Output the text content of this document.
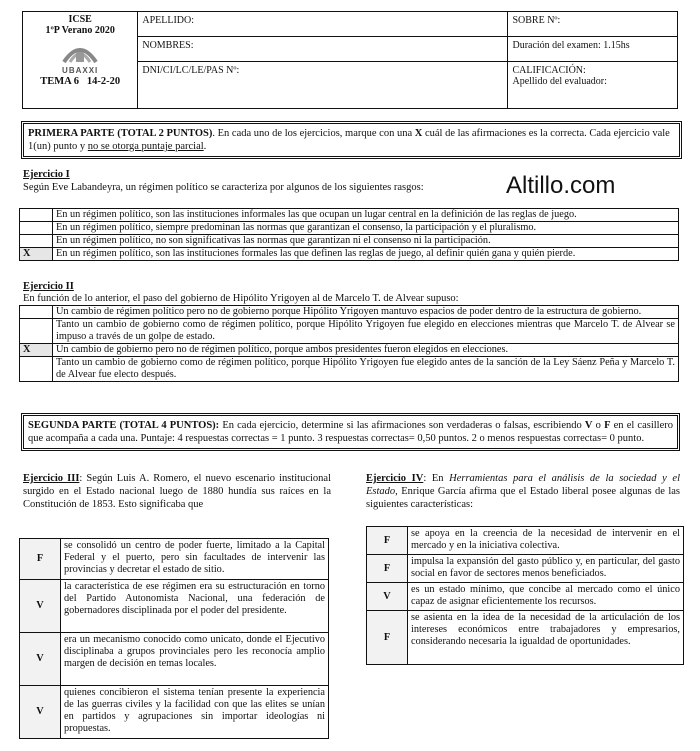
ICSE
1ºP Verano 2020
UBAXXI
TEMA 6 14-2-20	APELLIDO:	SOBRE Nº:
	NOMBRES:	Duración del examen: 1.15hs
	DNI/CI/LC/LE/PAS Nº:	CALIFICACIÓN:
Apellido del evaluador:
PRIMERA PARTE (TOTAL 2 PUNTOS). En cada uno de los ejercicios, marque con una X cuál de las afirmaciones es la correcta. Cada ejercicio vale 1(un) punto y no se otorga puntaje parcial.
Ejercicio I
Según Eve Labandeyra, un régimen político se caracteriza por algunos de los siguientes rasgos:	Altillo.com
	En un régimen político, son las instituciones informales las que ocupan un lugar central en la definición de las reglas de juego.
	En un régimen político, siempre predominan las normas que garantizan el consenso, la participación y el pluralismo.
	En un régimen político, no son significativas las normas que garantizan ni el consenso ni la participación.
X	En un régimen político, son las instituciones formales las que definen las reglas de juego, al definir quién gana y quién pierde.
Ejercicio II
En función de lo anterior, el paso del gobierno de Hipólito Yrigoyen al de Marcelo T. de Alvear supuso:
	Un cambio de régimen político pero no de gobierno porque Hipólito Yrigoyen mantuvo espacios de poder dentro de la estructura de gobierno.
	Tanto un cambio de gobierno como de régimen político, porque Hipólito Yrigoyen fue elegido en elecciones mientras que Marcelo T. de Alvear se impuso a través de un golpe de estado.
X	Un cambio de gobierno pero no de régimen político, porque ambos presidentes fueron elegidos en elecciones.
	Tanto un cambio de gobierno como de régimen político, porque Hipólito Yrigoyen fue elegido antes de la sanción de la Ley Sáenz Peña y Marcelo T. de Alvear fue electo después.
SEGUNDA PARTE (TOTAL 4 PUNTOS): En cada ejercicio, determine si las afirmaciones son verdaderas o falsas, escribiendo V o F en el casillero que acompaña a cada una. Puntaje: 4 respuestas correctas = 1 punto. 3 respuestas correctas= 0,50 puntos. 2 o menos respuestas correctas= 0 punto.
Ejercicio III: Según Luis A. Romero, el nuevo escenario institucional surgido en el Estado nacional luego de 1880 hundía sus raíces en la Constitución de 1853. Esto significaba que
F	se consolidó un centro de poder fuerte, limitado a la Capital Federal y el puerto, pero sin facultades de intervenir las provincias y decretar el estado de sitio.
V	la característica de ese régimen era su estructuración en torno del Partido Autonomista Nacional, una federación de gobernadores disciplinada por el poder del presidente.
V	era un mecanismo conocido como unicato, donde el Ejecutivo disciplinaba a grupos provinciales pero les reconocía amplio margen de decisión en temas locales.
V	quienes concibieron el sistema tenían presente la experiencia de las guerras civiles y la facilidad con que las elites se unían en partidos y agrupaciones sin importar ideologías ni propuestas.
Ejercicio IV: En Herramientas para el análisis de la sociedad y el Estado, Enrique García afirma que el Estado liberal posee algunas de las siguientes características:
F	se apoya en la creencia de la necesidad de intervenir en el mercado y en la iniciativa colectiva.
F	impulsa la expansión del gasto público y, en particular, del gasto social en favor de sectores menos beneficiados.
V	es un estado mínimo, que concibe al mercado como el único capaz de asignar eficientemente los recursos.
F	se asienta en la idea de la necesidad de la articulación de los intereses económicos entre trabajadores y empresarios, considerando necesaria la igualdad de oportunidades.
